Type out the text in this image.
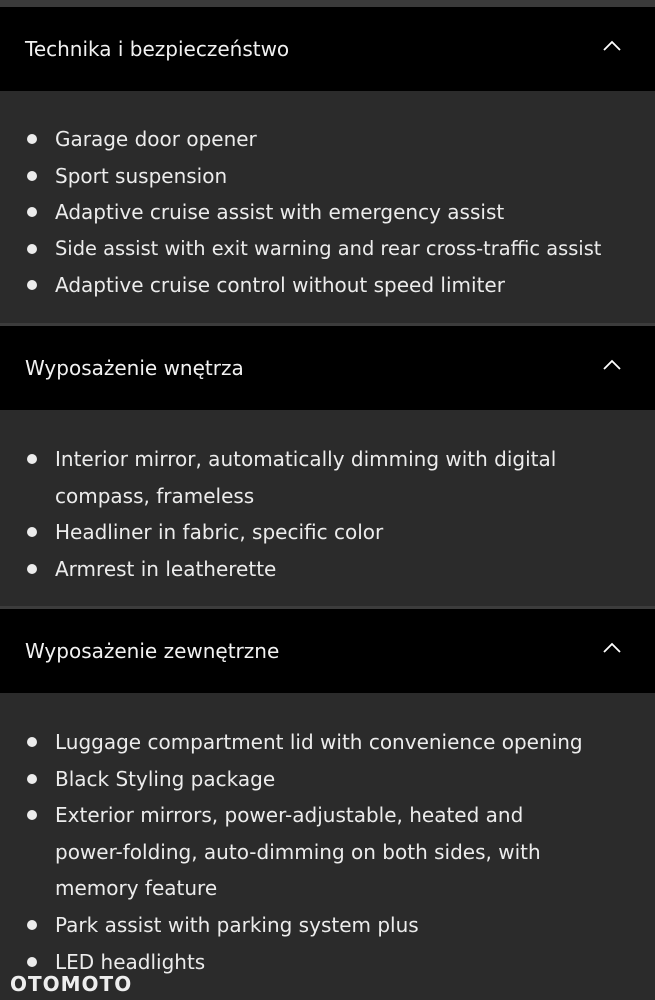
Technika i bezpieczeństwo
Garage door opener
Sport suspension
Adaptive cruise assist with emergency assist
Side assist with exit warning and rear cross-traffic assist
Adaptive cruise control without speed limiter
Wyposażenie wnętrza
Interior mirror, automatically dimming with digital compass, frameless
Headliner in fabric, specific color
Armrest in leatherette
Wyposażenie zewnętrzne
Luggage compartment lid with convenience opening
Black Styling package
Exterior mirrors, power-adjustable, heated and power-folding, auto-dimming on both sides, with memory feature
Park assist with parking system plus
LED headlights
OTOMOTO
